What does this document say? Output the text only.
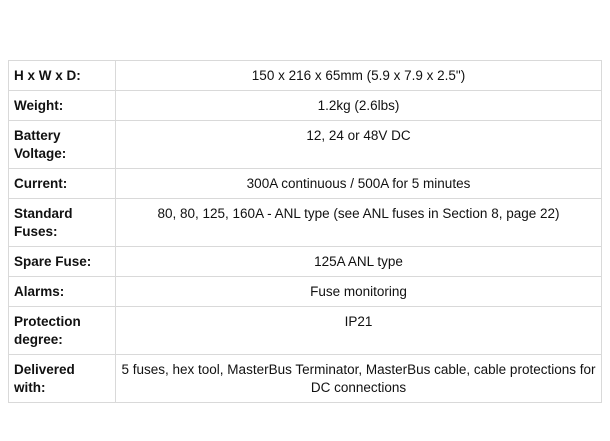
H x W x D:	150 x 216 x 65mm (5.9 x 7.9 x 2.5")
Weight:	1.2kg (2.6lbs)
Battery Voltage:	12, 24 or 48V DC
Current:	300A continuous / 500A for 5 minutes
Standard Fuses:	80, 80, 125, 160A - ANL type (see ANL fuses in Section 8, page 22)
Spare Fuse:	125A ANL type
Alarms:	Fuse monitoring
Protection degree:	IP21
Delivered with:	5 fuses, hex tool, MasterBus Terminator, MasterBus cable, cable protections for DC connections
